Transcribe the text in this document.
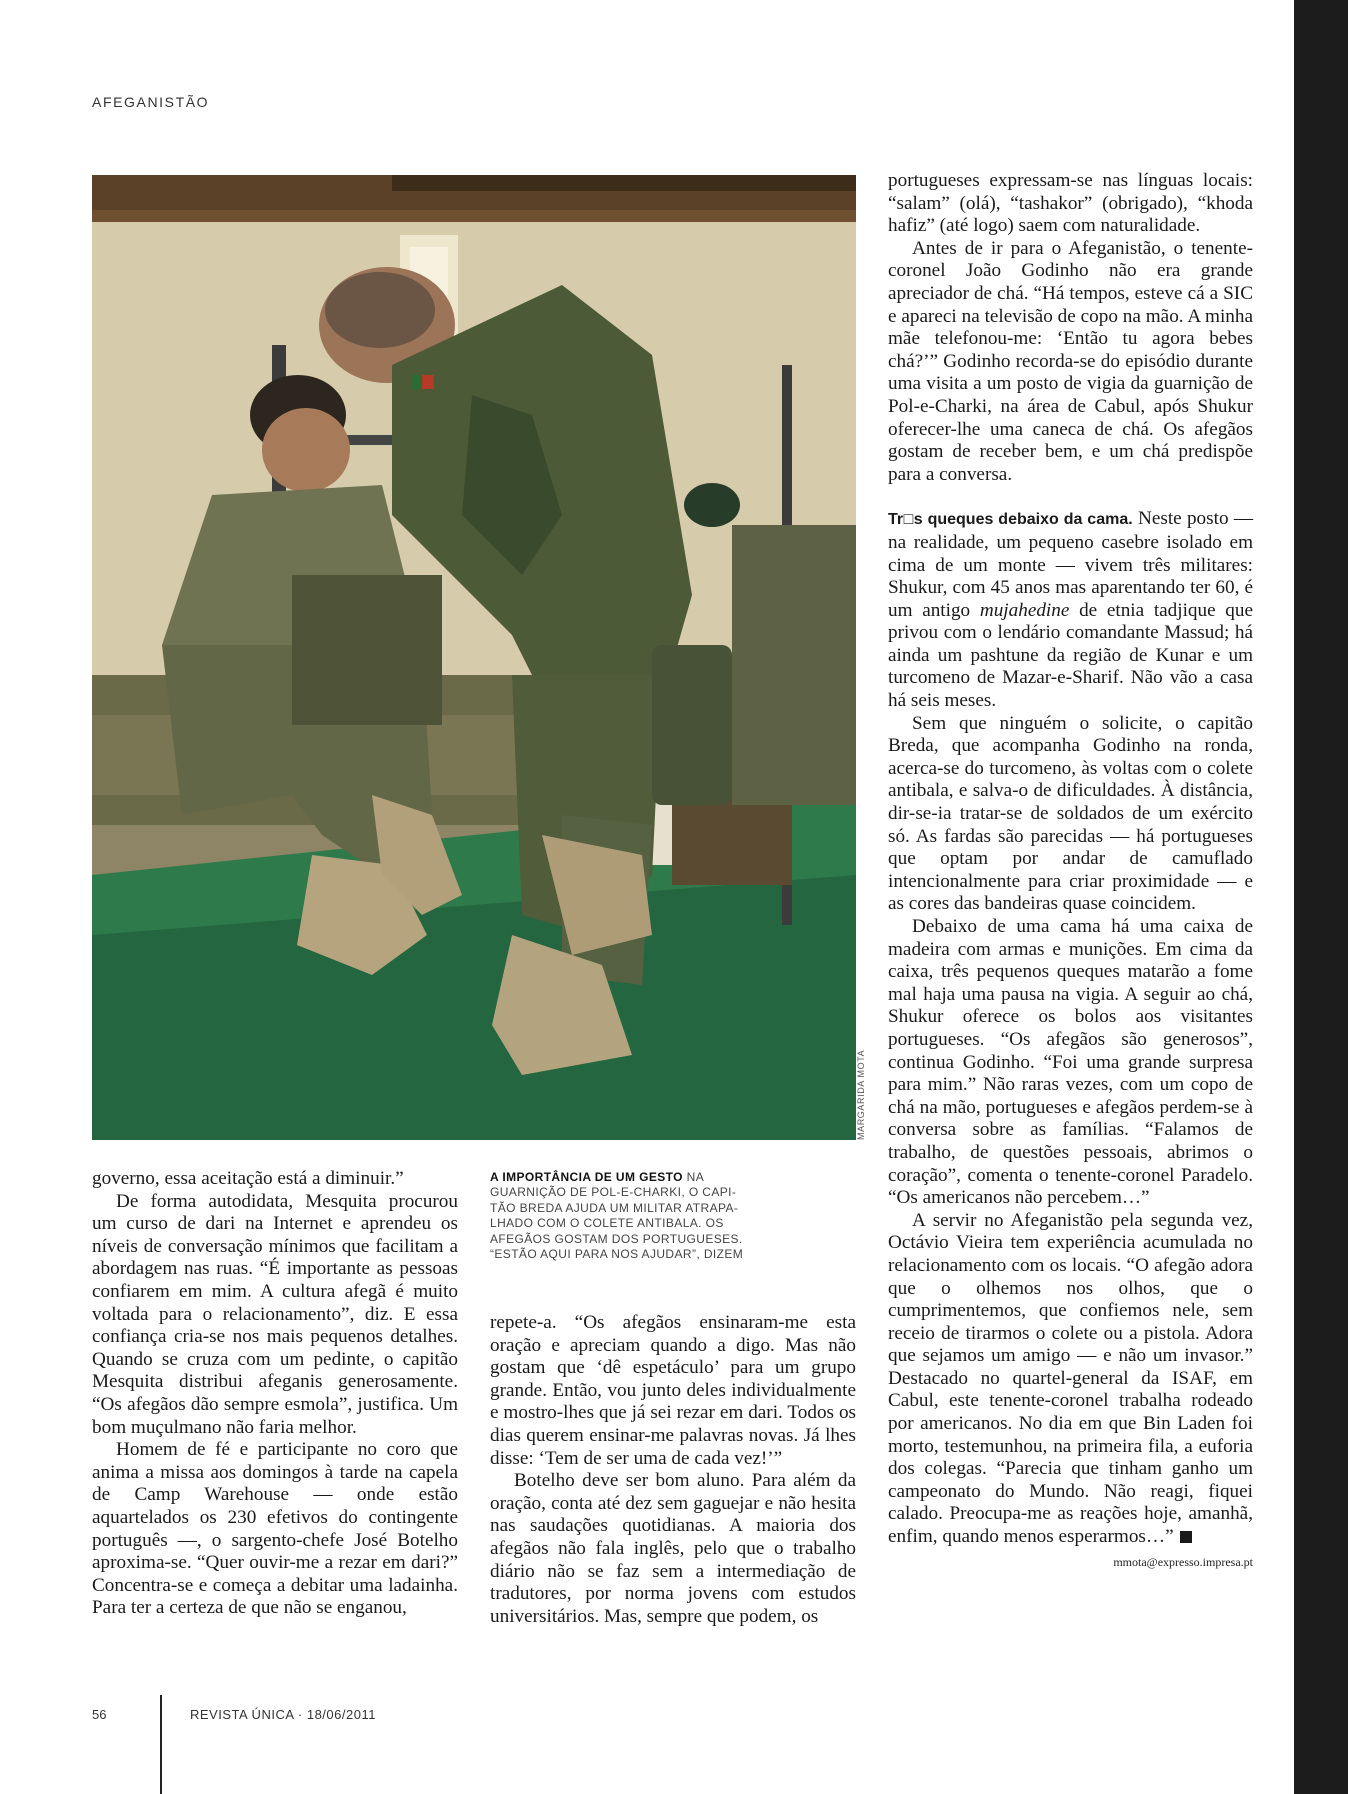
AFEGANISTÃO
MARGARIDA MOTA
A IMPORTÂNCIA DE UM GESTO NA
GUARNIÇÃO DE POL-E-CHARKI, O CAPI-
TÃO BREDA AJUDA UM MILITAR ATRAPA-
LHADO COM O COLETE ANTIBALA. OS
AFEGÃOS GOSTAM DOS PORTUGUESES.
“ESTÃO AQUI PARA NOS AJUDAR”, DIZEM

governo, essa aceitação está a diminuir.”

De forma autodidata, Mesquita procurou um curso de dari na Internet e aprendeu os níveis de conversação mínimos que facilitam a abordagem nas ruas. “É importante as pessoas confiarem em mim. A cultura afegã é muito voltada para o relacionamento”, diz. E essa confiança cria-se nos mais pequenos detalhes. Quando se cruza com um pedinte, o capitão Mesquita distribui afeganis generosamente. “Os afegãos dão sempre esmola”, justifica. Um bom muçulmano não faria melhor.

Homem de fé e participante no coro que anima a missa aos domingos à tarde na capela de Camp Warehouse — onde estão aquartelados os 230 efetivos do contingente português —, o sargento-chefe José Botelho aproxima-se. “Quer ouvir-me a rezar em dari?” Concentra-se e começa a debitar uma ladainha. Para ter a certeza de que não se enganou,

repete-a. “Os afegãos ensinaram-me esta oração e apreciam quando a digo. Mas não gostam que ‘dê espetáculo’ para um grupo grande. Então, vou junto deles individualmente e mostro-lhes que já sei rezar em dari. Todos os dias querem ensinar-me palavras novas. Já lhes disse: ‘Tem de ser uma de cada vez!’”

Botelho deve ser bom aluno. Para além da oração, conta até dez sem gaguejar e não hesita nas saudações quotidianas. A maioria dos afegãos não fala inglês, pelo que o trabalho diário não se faz sem a intermediação de tradutores, por norma jovens com estudos universitários. Mas, sempre que podem, os

portugueses expressam-se nas línguas locais: “salam” (olá), “tashakor” (obrigado), “khoda hafiz” (até logo) saem com naturalidade.

Antes de ir para o Afeganistão, o tenente-coronel João Godinho não era grande apreciador de chá. “Há tempos, esteve cá a SIC e apareci na televisão de copo na mão. A minha mãe telefonou-me: ‘Então tu agora bebes chá?’” Godinho recorda-se do episódio durante uma visita a um posto de vigia da guarnição de Pol-e-Charki, na área de Cabul, após Shukur oferecer-lhe uma caneca de chá. Os afegãos gostam de receber bem, e um chá predispõe para a conversa.

Tr□s queques debaixo da cama. Neste posto — na realidade, um pequeno casebre isolado em cima de um monte — vivem três militares: Shukur, com 45 anos mas aparentando ter 60, é um antigo mujahedine de etnia tadjique que privou com o lendário comandante Massud; há ainda um pashtune da região de Kunar e um turcomeno de Mazar-e-Sharif. Não vão a casa há seis meses.

Sem que ninguém o solicite, o capitão Breda, que acompanha Godinho na ronda, acerca-se do turcomeno, às voltas com o colete antibala, e salva-o de dificuldades. À distância, dir-se-ia tratar-se de soldados de um exército só. As fardas são parecidas — há portugueses que optam por andar de camuflado intencionalmente para criar proximidade — e as cores das bandeiras quase coincidem.

Debaixo de uma cama há uma caixa de madeira com armas e munições. Em cima da caixa, três pequenos queques matarão a fome mal haja uma pausa na vigia. A seguir ao chá, Shukur oferece os bolos aos visitantes portugueses. “Os afegãos são generosos”, continua Godinho. “Foi uma grande surpresa para mim.” Não raras vezes, com um copo de chá na mão, portugueses e afegãos perdem-se à conversa sobre as famílias. “Falamos de trabalho, de questões pessoais, abrimos o coração”, comenta o tenente-coronel Paradelo. “Os americanos não percebem…”

A servir no Afeganistão pela segunda vez, Octávio Vieira tem experiência acumulada no relacionamento com os locais. “O afegão adora que o olhemos nos olhos, que o cumprimentemos, que confiemos nele, sem receio de tirarmos o colete ou a pistola. Adora que sejamos um amigo — e não um invasor.” Destacado no quartel-general da ISAF, em Cabul, este tenente-coronel trabalha rodeado por americanos. No dia em que Bin Laden foi morto, testemunhou, na primeira fila, a euforia dos colegas. “Parecia que tinham ganho um campeonato do Mundo. Não reagi, fiquei calado. Preocupa-me as reações hoje, amanhã, enfim, quando menos esperarmos…”

mmota@expresso.impresa.pt
56	REVISTA ÚNICA · 18/06/2011
